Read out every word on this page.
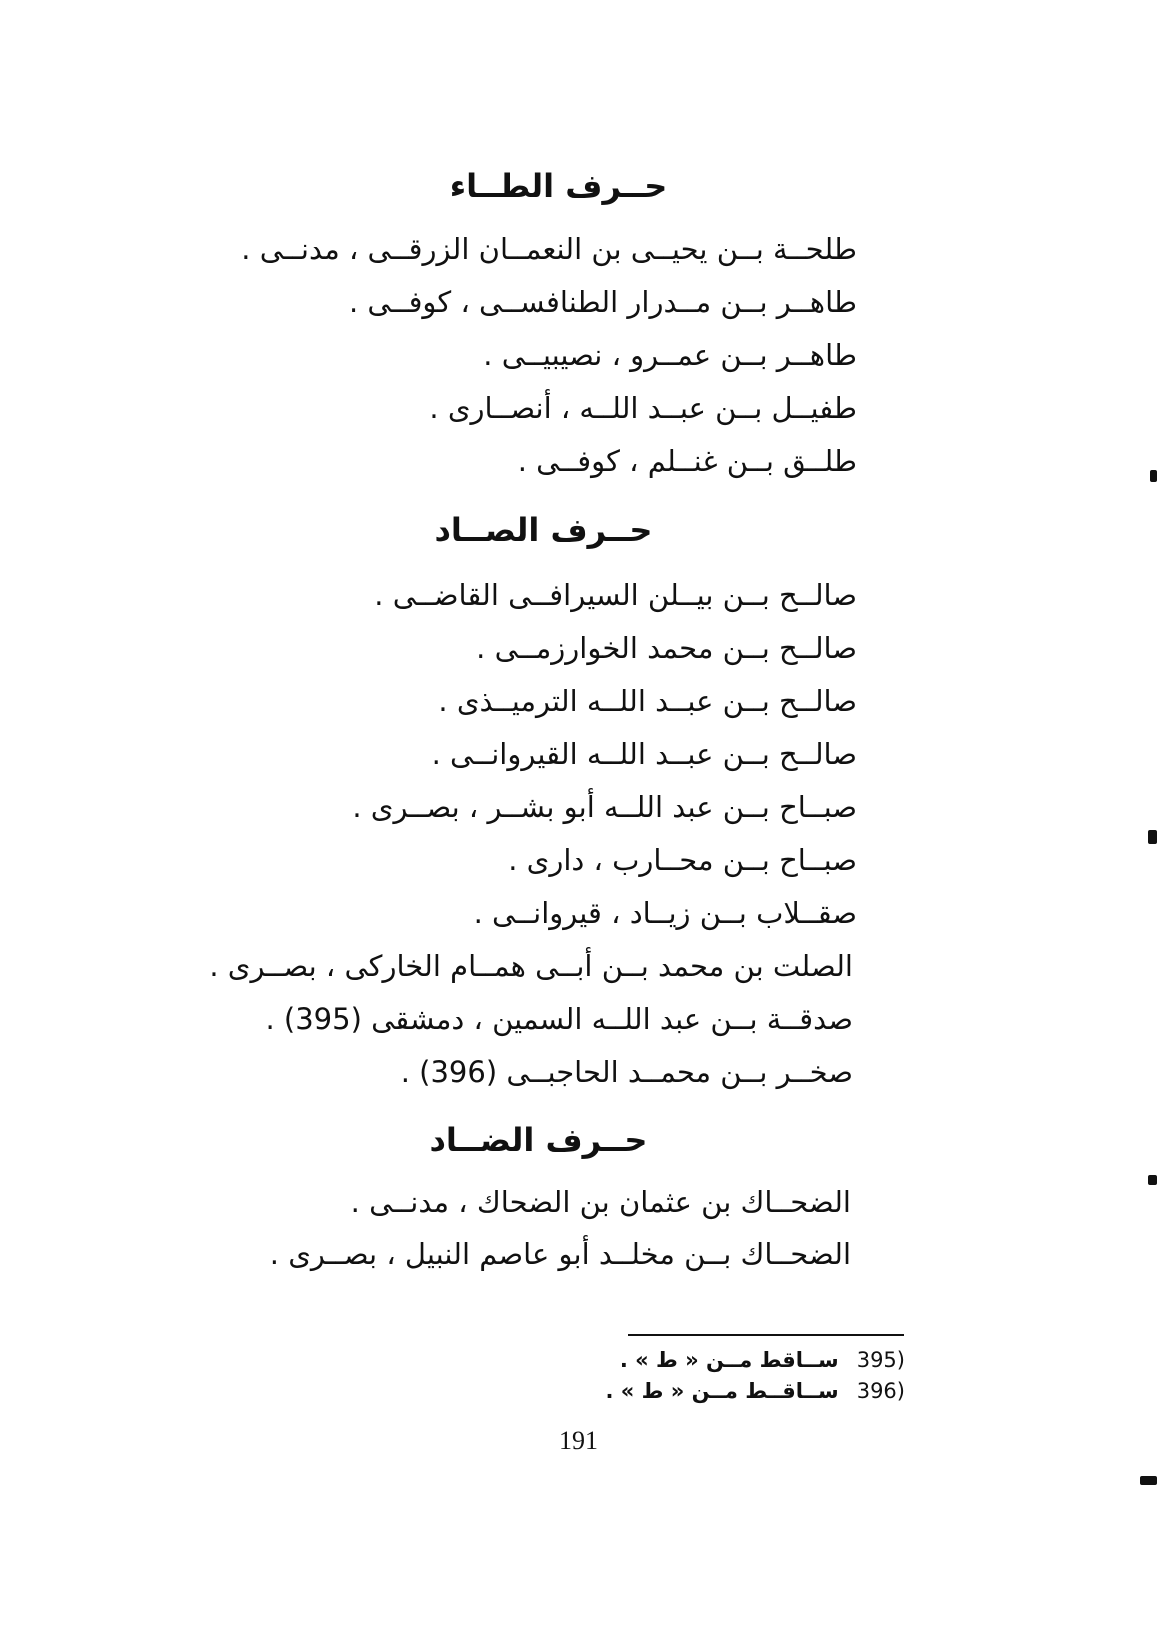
حــرف الطــاء
طلحــة بــن يحيــى بن النعمــان الزرقــى ، مدنــى .
طاهــر بــن مــدرار الطنافســى ، كوفــى .
طاهــر بــن عمــرو ، نصيبيــى .
طفيــل بــن عبــد اللــه ، أنصــارى .
طلــق بــن غنــلم ، كوفــى .
حــرف الصــاد
صالــح بــن بيــلن السيرافــى القاضــى .
صالــح بــن محمد الخوارزمــى .
صالــح بــن عبــد اللــه الترميــذى .
صالــح بــن عبــد اللــه القيروانــى .
صبــاح بــن عبد اللــه أبو بشــر ، بصــرى .
صبــاح بــن محــارب ، دارى .
صقــلاب بــن زيــاد ، قيروانــى .
الصلت بن محمد بــن أبــى همــام الخاركى ، بصــرى .
صدقــة بــن عبد اللــه السمين ، دمشقى (395) .
صخــر بــن محمــد الحاجبــى (396) .
حــرف الضــاد
الضحــاك بن عثمان بن الضحاك ، مدنــى .
الضحــاك بــن مخلــد أبو عاصم النبيل ، بصــرى .
(395ســاقط مــن « ط » .
(396ســاقــط مــن « ط » .
191
